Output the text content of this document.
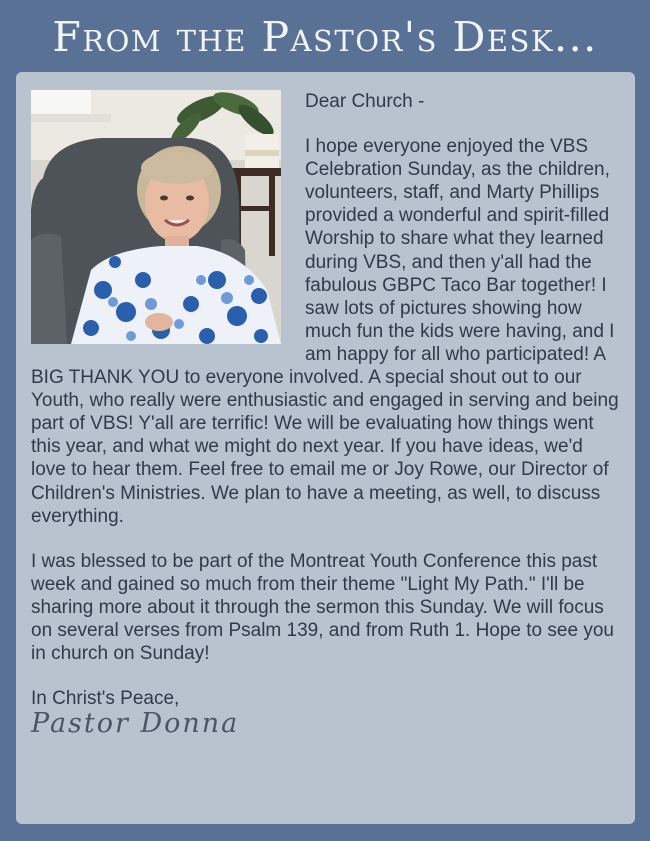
From the Pastor's Desk...

Dear Church -

I hope everyone enjoyed the VBS Celebration Sunday, as the children, volunteers, staff, and Marty Phillips provided a wonderful and spirit-filled Worship to share what they learned during VBS, and then y'all had the fabulous GBPC Taco Bar together! I saw lots of pictures showing how much fun the kids were having, and I am happy for all who participated! A BIG THANK YOU to everyone involved. A special shout out to our Youth, who really were enthusiastic and engaged in serving and being part of VBS! Y'all are terrific! We will be evaluating how things went this year, and what we might do next year. If you have ideas, we'd love to hear them. Feel free to email me or Joy Rowe, our Director of Children's Ministries. We plan to have a meeting, as well, to discuss everything.

I was blessed to be part of the Montreat Youth Conference this past week and gained so much from their theme "Light My Path." I'll be sharing more about it through the sermon this Sunday. We will focus on several verses from Psalm 139, and from Ruth 1. Hope to see you in church on Sunday!

In Christ's Peace,

Pastor Donna
